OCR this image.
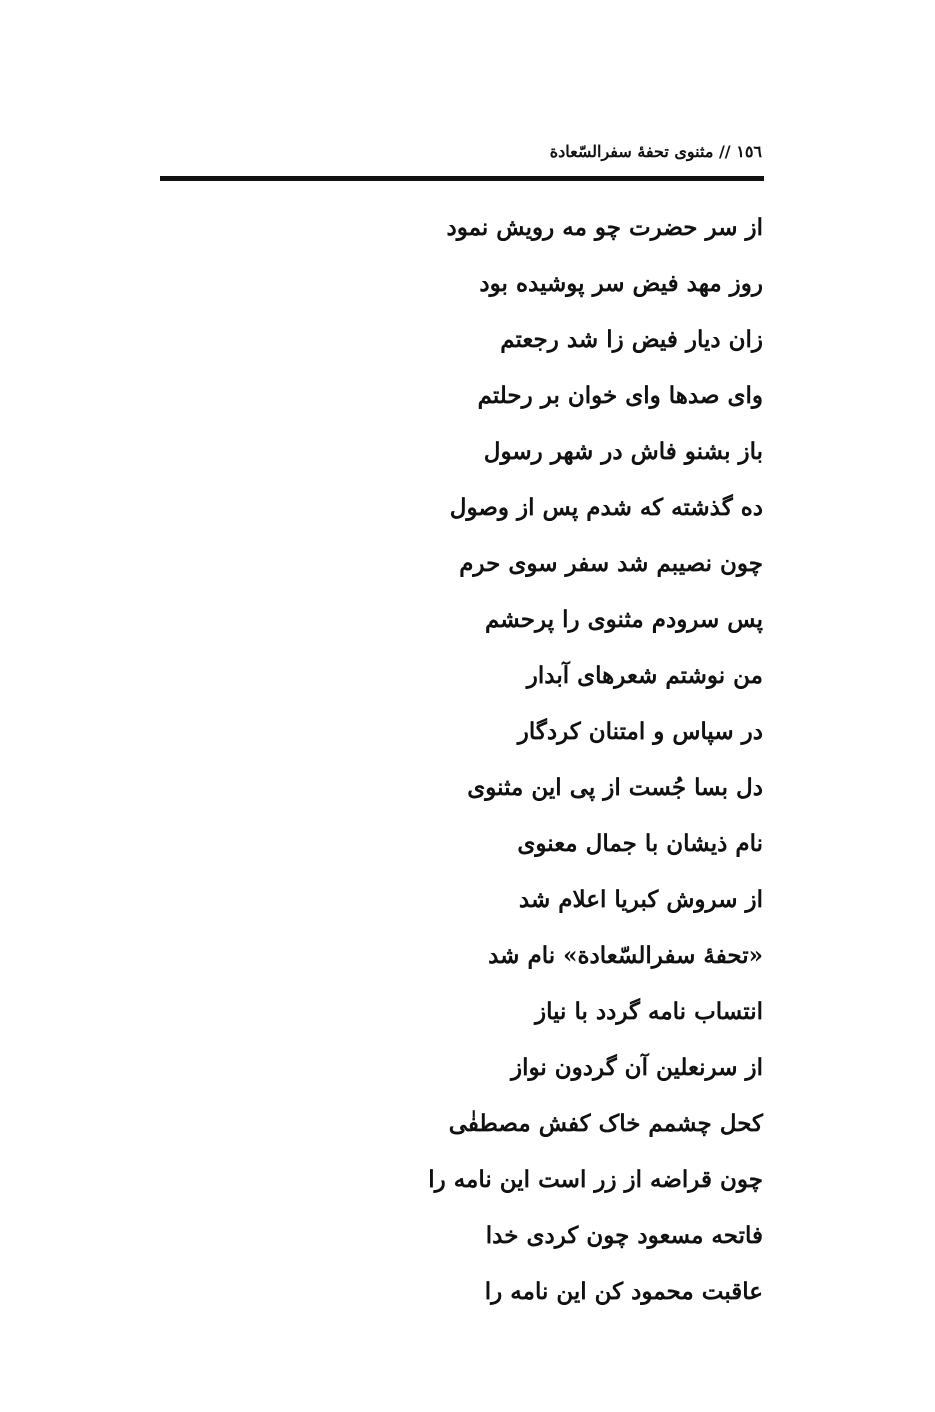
١٥٦ // مثنوی تحفۀ سفرالسّعادة
از سر حضرت چو مه رویش نمود
روز مهد فیض سر پوشیده بود
زان دیار فیض زا شد رجعتم
وای صدها وای خوان بر رحلتم
باز بشنو فاش در شهر رسول
ده گذشته که شدم پس از وصول
چون نصیبم شد سفر سوی حرم
پس سرودم مثنوی را پرحشم
من نوشتم شعرهای آبدار
در سپاس و امتنان کردگار
دل بسا جُست از پی این مثنوی
نام ذیشان با جمال معنوی
از سروش کبریا اعلام شد
«تحفۀ سفرالسّعادة» نام شد
انتساب نامه گردد با نیاز
از سرنعلین آن گردون نواز
کحل چشمم خاک کفش مصطفٰی
چون قراضه از زر است این نامه را
فاتحه مسعود چون کردی خدا
عاقبت محمود کن این نامه را
